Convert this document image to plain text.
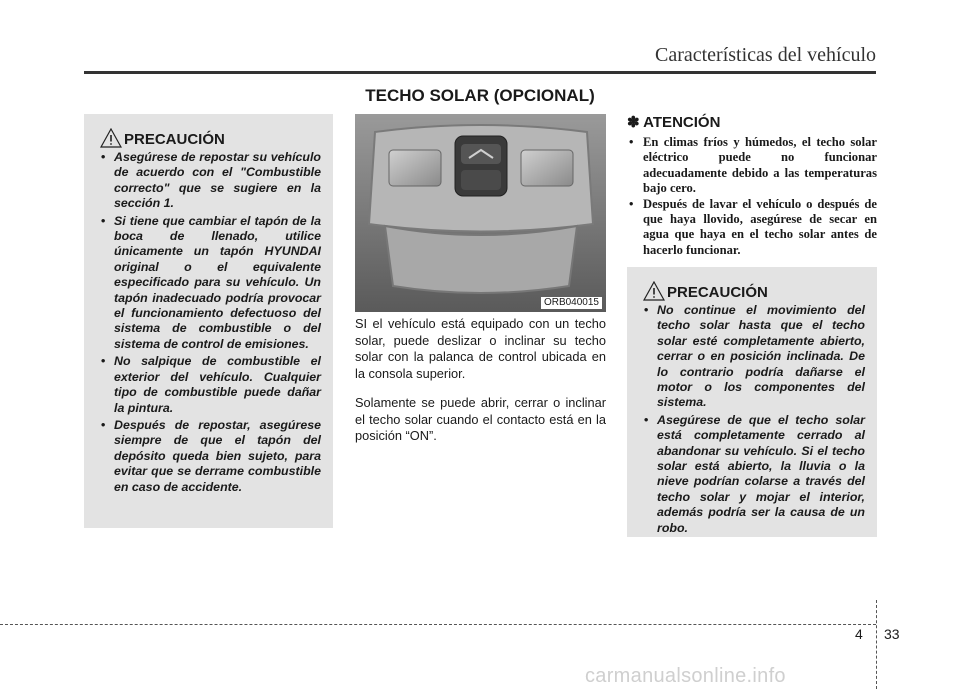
Características del vehículo
TECHO SOLAR (OPCIONAL)
PRECAUCIÓN
• Asegúrese de repostar su vehículo de acuerdo con el "Combustible correcto" que se sugiere en la sección 1.
• Si tiene que cambiar el tapón de la boca de llenado, utilice únicamente un tapón HYUNDAI original o el equivalente especificado para su vehículo. Un tapón inadecuado podría provocar el funcionamiento defectuoso del sistema de combustible o del sistema de control de emisiones.
• No salpique de combustible el exterior del vehículo. Cualquier tipo de combustible puede dañar la pintura.
• Después de repostar, asegúrese siempre de que el tapón del depósito queda bien sujeto, para evitar que se derrame combustible en caso de accidente.
ORB040015

SI el vehículo está equipado con un techo solar, puede deslizar o inclinar su techo solar con la palanca de control ubicada en la consola superior.

Solamente se puede abrir, cerrar o inclinar el techo solar cuando el contacto está en la posición “ON”.

✽ ATENCIÓN
• En climas fríos y húmedos, el techo solar eléctrico puede no funcionar adecuadamente debido a las temperaturas bajo cero.
• Después de lavar el vehículo o después de que haya llovido, asegúrese de secar en agua que haya en el techo solar antes de hacerlo funcionar.
PRECAUCIÓN
• No continue el movimiento del techo solar hasta que el techo solar esté completamente abierto, cerrar o en posición inclinada. De lo contrario podría dañarse el motor o los componentes del sistema.
• Asegúrese de que el techo solar está completamente cerrado al abandonar su vehículo. Si el techo solar está abierto, la lluvia o la nieve podrían colarse a través del techo solar y mojar el interior, además podría ser la causa de un robo.
4 33
carmanualsonline.info
